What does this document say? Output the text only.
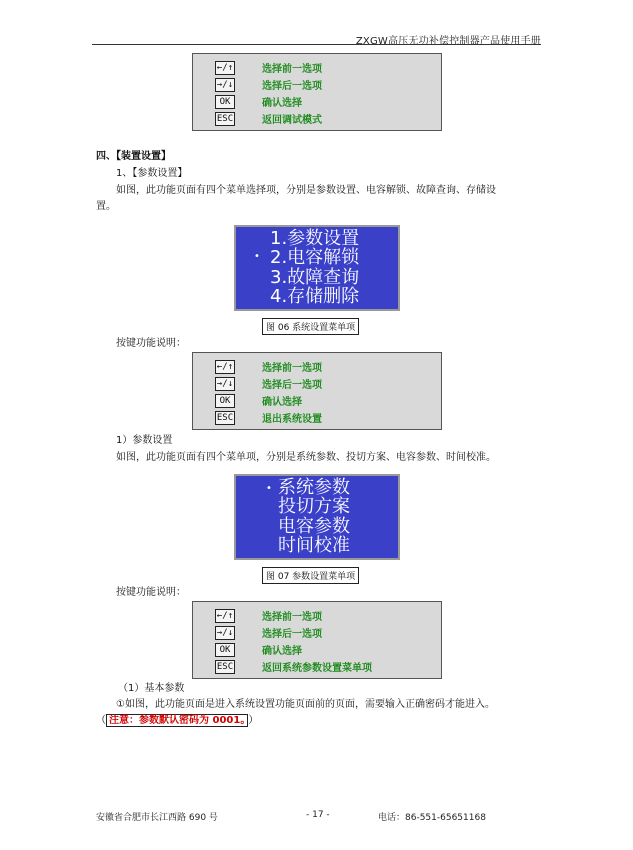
ZXGW高压无功补偿控制器产品使用手册
←/↑	选择前一选项
→/↓	选择后一选项
OK	确认选择
ESC	返回调试模式
四、【装置设置】
1、【参数设置】
如图，此功能页面有四个菜单选择项，分别是参数设置、电容解锁、故障查询、存储设
置。
•
1.参数设置
2.电容解锁
3.故障查询
4.存储删除
图 06 系统设置菜单项
按键功能说明：
←/↑	选择前一选项
→/↓	选择后一选项
OK	确认选择
ESC	退出系统设置
1）参数设置
如图，此功能页面有四个菜单项，分别是系统参数、投切方案、电容参数、时间校准。
• 系统参数
投切方案
电容参数
时间校准
图 07 参数设置菜单项
按键功能说明：
←/↑	选择前一选项
→/↓	选择后一选项
OK	确认选择
ESC	返回系统参数设置菜单项
（1）基本参数
①如图，此功能页面是进入系统设置功能页面前的页面，需要输入正确密码才能进入。
（ 注意：参数默认密码为 0001。 ）
安徽省合肥市长江西路 690 号	- 17 -	电话：86-551-65651168
